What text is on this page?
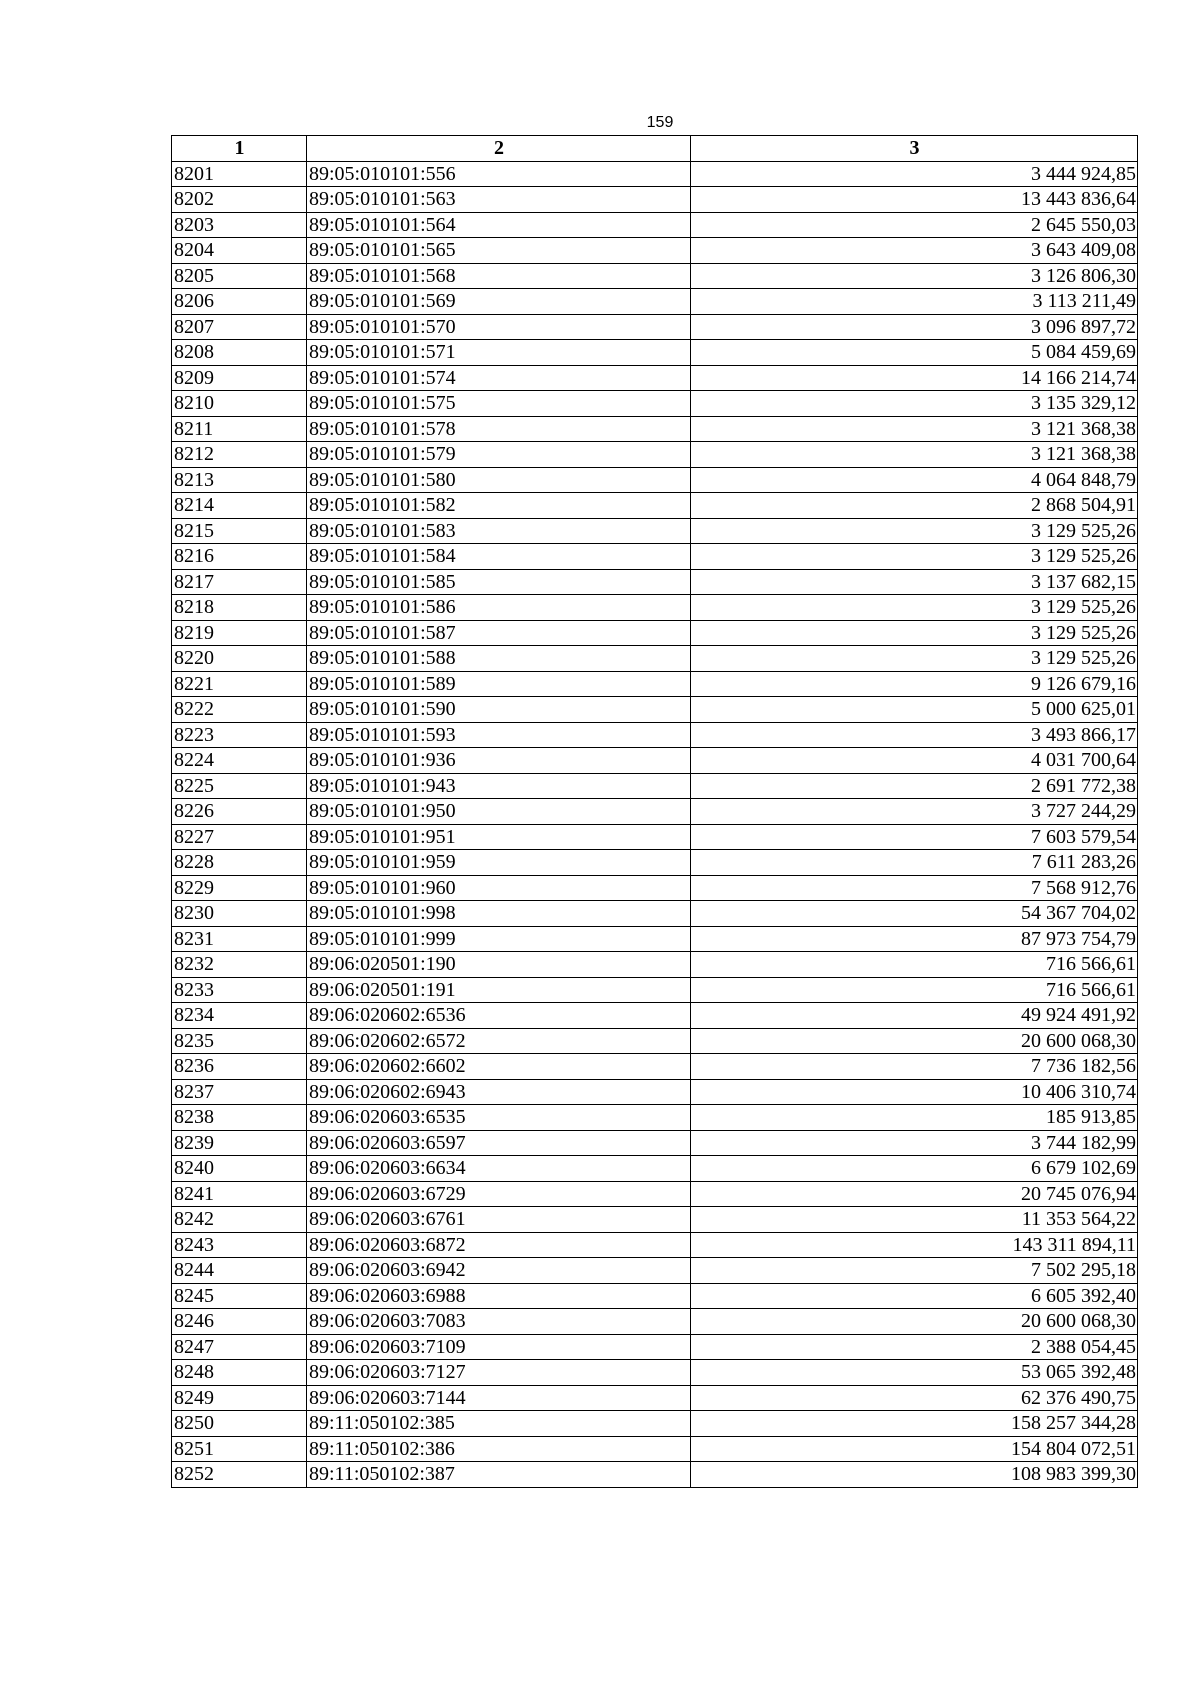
159
1	2	3
8201	89:05:010101:556	3 444 924,85
8202	89:05:010101:563	13 443 836,64
8203	89:05:010101:564	2 645 550,03
8204	89:05:010101:565	3 643 409,08
8205	89:05:010101:568	3 126 806,30
8206	89:05:010101:569	3 113 211,49
8207	89:05:010101:570	3 096 897,72
8208	89:05:010101:571	5 084 459,69
8209	89:05:010101:574	14 166 214,74
8210	89:05:010101:575	3 135 329,12
8211	89:05:010101:578	3 121 368,38
8212	89:05:010101:579	3 121 368,38
8213	89:05:010101:580	4 064 848,79
8214	89:05:010101:582	2 868 504,91
8215	89:05:010101:583	3 129 525,26
8216	89:05:010101:584	3 129 525,26
8217	89:05:010101:585	3 137 682,15
8218	89:05:010101:586	3 129 525,26
8219	89:05:010101:587	3 129 525,26
8220	89:05:010101:588	3 129 525,26
8221	89:05:010101:589	9 126 679,16
8222	89:05:010101:590	5 000 625,01
8223	89:05:010101:593	3 493 866,17
8224	89:05:010101:936	4 031 700,64
8225	89:05:010101:943	2 691 772,38
8226	89:05:010101:950	3 727 244,29
8227	89:05:010101:951	7 603 579,54
8228	89:05:010101:959	7 611 283,26
8229	89:05:010101:960	7 568 912,76
8230	89:05:010101:998	54 367 704,02
8231	89:05:010101:999	87 973 754,79
8232	89:06:020501:190	716 566,61
8233	89:06:020501:191	716 566,61
8234	89:06:020602:6536	49 924 491,92
8235	89:06:020602:6572	20 600 068,30
8236	89:06:020602:6602	7 736 182,56
8237	89:06:020602:6943	10 406 310,74
8238	89:06:020603:6535	185 913,85
8239	89:06:020603:6597	3 744 182,99
8240	89:06:020603:6634	6 679 102,69
8241	89:06:020603:6729	20 745 076,94
8242	89:06:020603:6761	11 353 564,22
8243	89:06:020603:6872	143 311 894,11
8244	89:06:020603:6942	7 502 295,18
8245	89:06:020603:6988	6 605 392,40
8246	89:06:020603:7083	20 600 068,30
8247	89:06:020603:7109	2 388 054,45
8248	89:06:020603:7127	53 065 392,48
8249	89:06:020603:7144	62 376 490,75
8250	89:11:050102:385	158 257 344,28
8251	89:11:050102:386	154 804 072,51
8252	89:11:050102:387	108 983 399,30
